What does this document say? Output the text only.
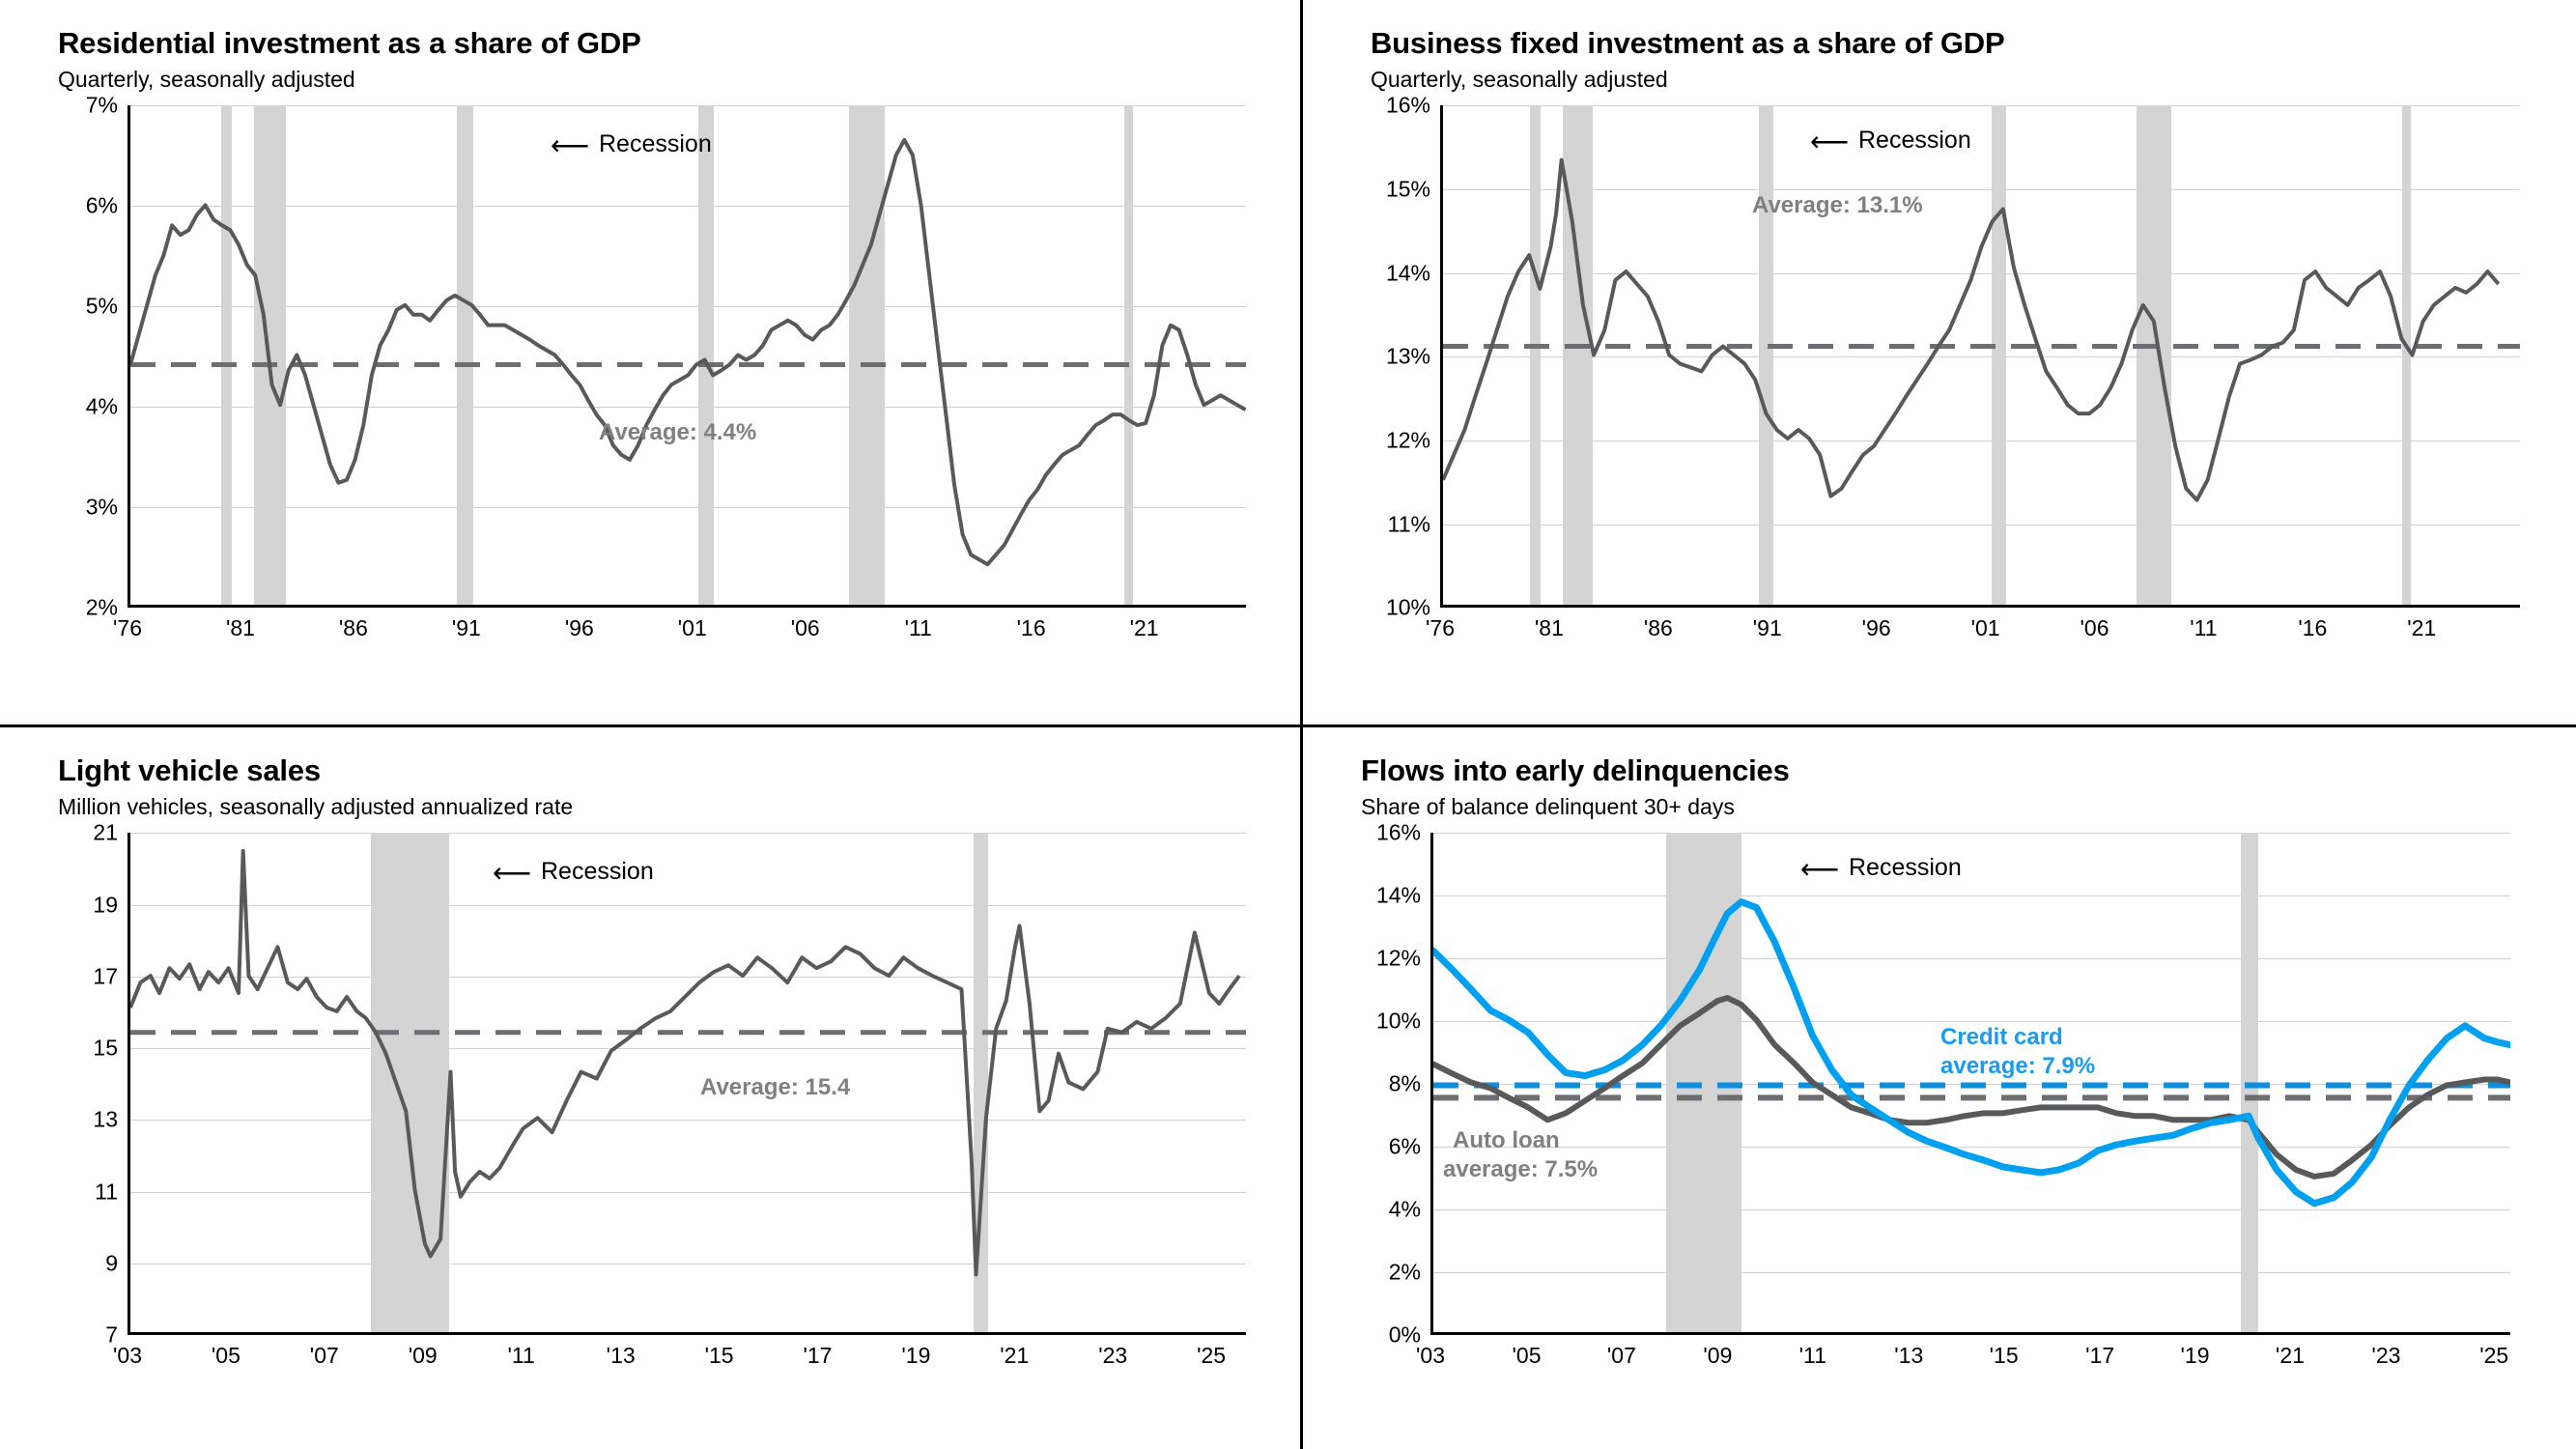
Residential investment as a share of GDP
Quarterly, seasonally adjusted
7%
6%
5%
4%
3%
2%
'76	'81	'86	'91	'96	'01	'06	'11	'16	'21
⟵ Recession
Average: 4.4%
Business fixed investment as a share of GDP
Quarterly, seasonally adjusted
16%
15%
14%
13%
12%
11%
10%
'76	'81	'86	'91	'96	'01	'06	'11	'16	'21
⟵ Recession
Average: 13.1%
Light vehicle sales
Million vehicles, seasonally adjusted annualized rate
21
19
17
15
13
11
9
7
'03	'05	'07	'09	'11	'13	'15	'17	'19	'21	'23	'25
⟵ Recession
Average: 15.4
Flows into early delinquencies
Share of balance delinquent 30+ days
16%
14%
12%
10%
8%
6%
4%
2%
0%
'03	'05	'07	'09	'11	'13	'15	'17	'19	'21	'23	'25
⟵ Recession
Credit card
average: 7.9%
Auto loan
average: 7.5%
